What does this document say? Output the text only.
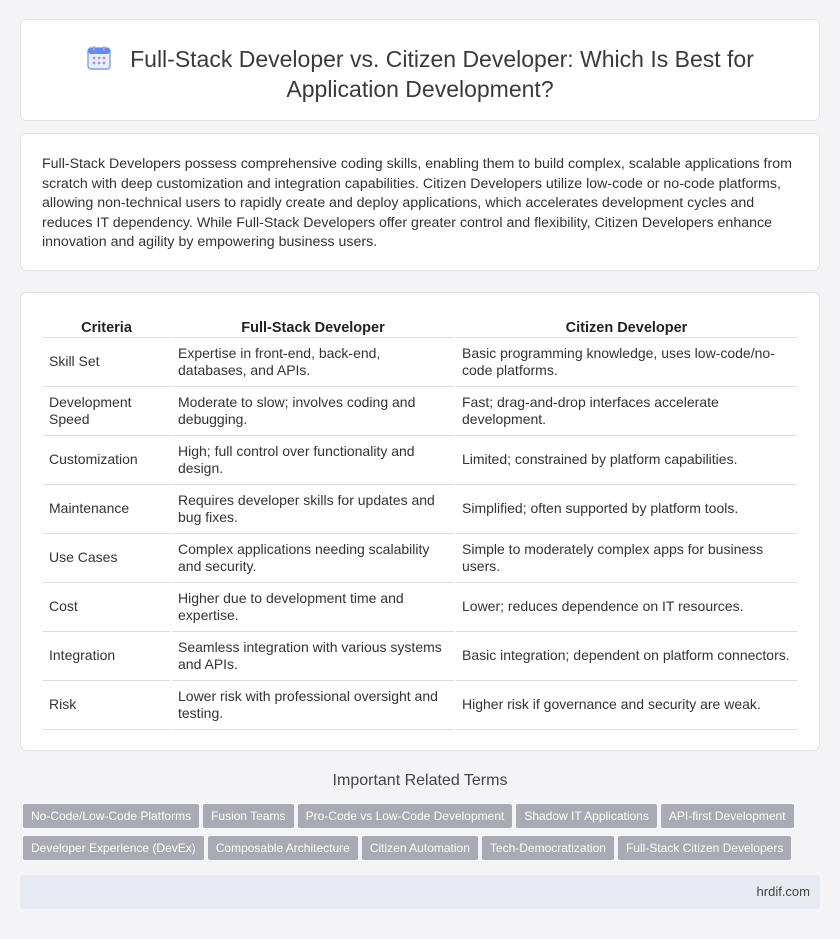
Full-Stack Developer vs. Citizen Developer: Which Is Best for Application Development?

Full-Stack Developers possess comprehensive coding skills, enabling them to build complex, scalable applications from scratch with deep customization and integration capabilities. Citizen Developers utilize low-code or no-code platforms, allowing non-technical users to rapidly create and deploy applications, which accelerates development cycles and reduces IT dependency. While Full-Stack Developers offer greater control and flexibility, Citizen Developers enhance innovation and agility by empowering business users.

Criteria	Full-Stack Developer	Citizen Developer
Skill Set	Expertise in front-end, back-end, databases, and APIs.	Basic programming knowledge, uses low-code/no-code platforms.
Development Speed	Moderate to slow; involves coding and debugging.	Fast; drag-and-drop interfaces accelerate development.
Customization	High; full control over functionality and design.	Limited; constrained by platform capabilities.
Maintenance	Requires developer skills for updates and bug fixes.	Simplified; often supported by platform tools.
Use Cases	Complex applications needing scalability and security.	Simple to moderately complex apps for business users.
Cost	Higher due to development time and expertise.	Lower; reduces dependence on IT resources.
Integration	Seamless integration with various systems and APIs.	Basic integration; dependent on platform connectors.
Risk	Lower risk with professional oversight and testing.	Higher risk if governance and security are weak.
Important Related Terms
No-Code/Low-Code Platforms Fusion Teams Pro-Code vs Low-Code Development Shadow IT Applications API-first Development
Developer Experience (DevEx) Composable Architecture Citizen Automation Tech-Democratization Full-Stack Citizen Developers
hrdif.com
